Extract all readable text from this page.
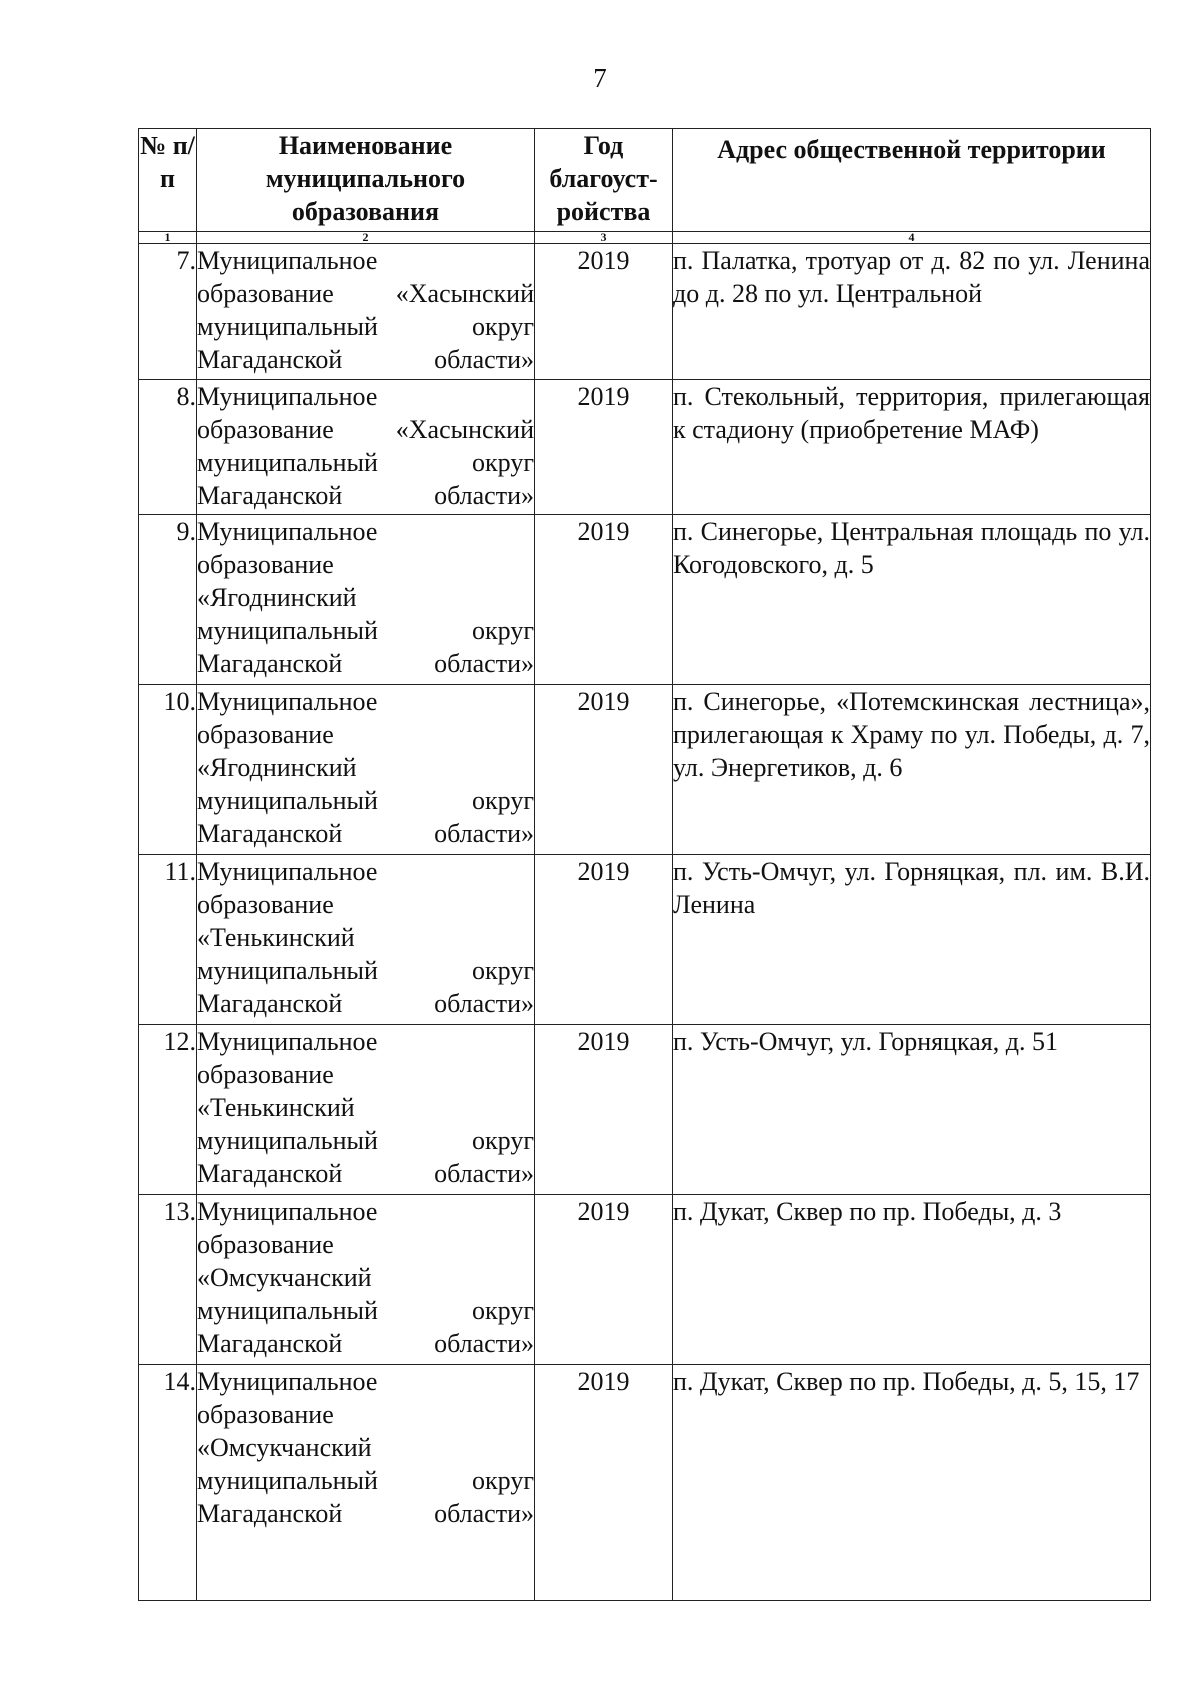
7
№ п/п	Наименование муниципального образования	Год благоуст-ройства	Адрес общественной территории
1	2	3	4
7.	Муниципальное
образование «Хасынский
муниципальный округ
Магаданской области»	2019	п. Палатка, тротуар от д. 82 по ул. Ленина до д. 28 по ул. Центральной
8.	Муниципальное
образование «Хасынский
муниципальный округ
Магаданской области»	2019	п. Стекольный, территория, прилегающая к стадиону (приобретение МАФ)
9.	Муниципальное
образование
«Ягоднинский
муниципальный округ
Магаданской области»	2019	п. Синегорье, Центральная площадь по ул. Когодовского, д. 5
10.	Муниципальное
образование
«Ягоднинский
муниципальный округ
Магаданской области»	2019	п. Синегорье, «Потемскинская лестница», прилегающая к Храму по ул. Победы, д. 7, ул. Энергетиков, д. 6
11.	Муниципальное
образование
«Тенькинский
муниципальный округ
Магаданской области»	2019	п. Усть-Омчуг, ул. Горняцкая, пл. им. В.И. Ленина
12.	Муниципальное
образование
«Тенькинский
муниципальный округ
Магаданской области»	2019	п. Усть-Омчуг, ул. Горняцкая, д. 51
13.	Муниципальное
образование
«Омсукчанский
муниципальный округ
Магаданской области»	2019	п. Дукат, Сквер по пр. Победы, д. 3
14.	Муниципальное
образование
«Омсукчанский
муниципальный округ
Магаданской области»	2019	п. Дукат, Сквер по пр. Победы, д. 5, 15, 17
